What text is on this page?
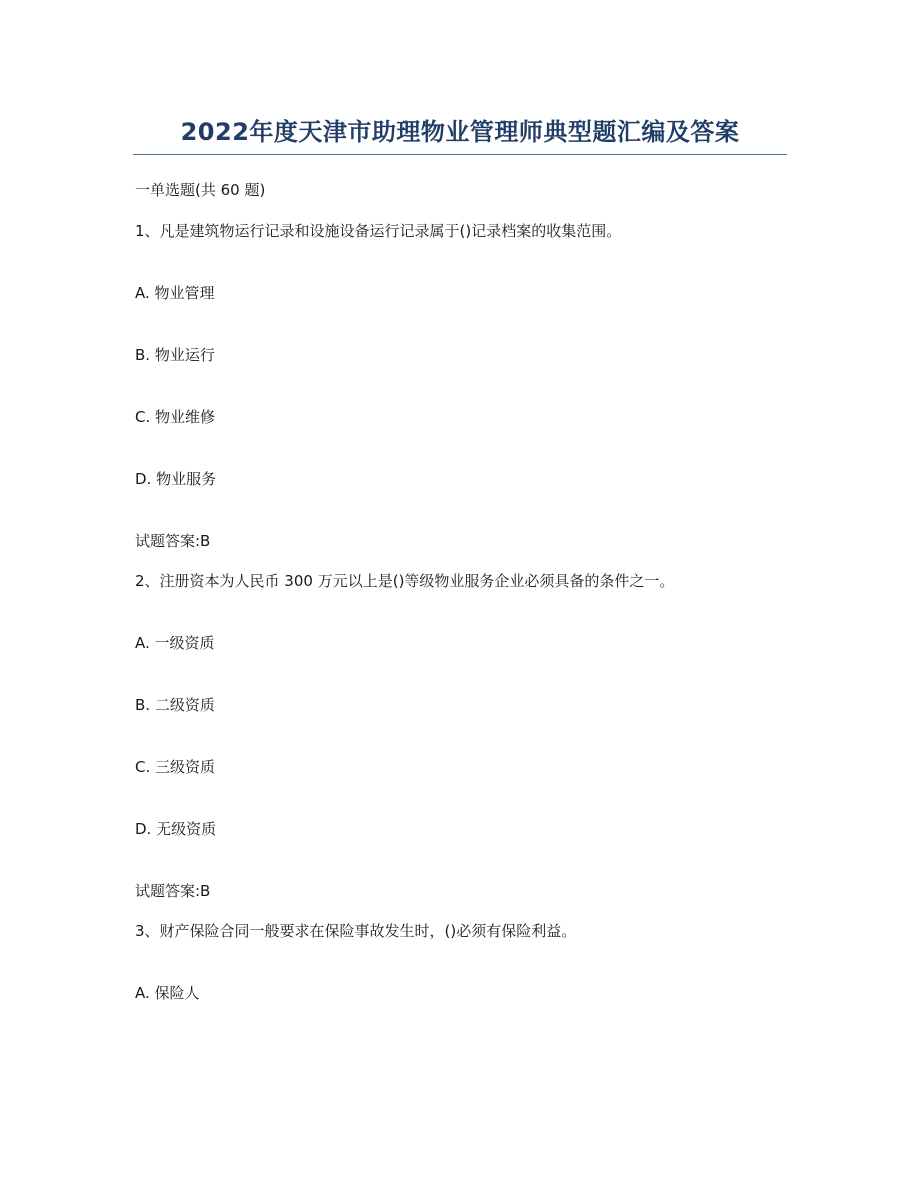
2022年度天津市助理物业管理师典型题汇编及答案
一单选题(共 60 题)
1、凡是建筑物运行记录和设施设备运行记录属于()记录档案的收集范围。
A. 物业管理
B. 物业运行
C. 物业维修
D. 物业服务
试题答案:B
2、注册资本为人民币 300 万元以上是()等级物业服务企业必须具备的条件之一。
A. 一级资质
B. 二级资质
C. 三级资质
D. 无级资质
试题答案:B
3、财产保险合同一般要求在保险事故发生时，()必须有保险利益。
A. 保险人
